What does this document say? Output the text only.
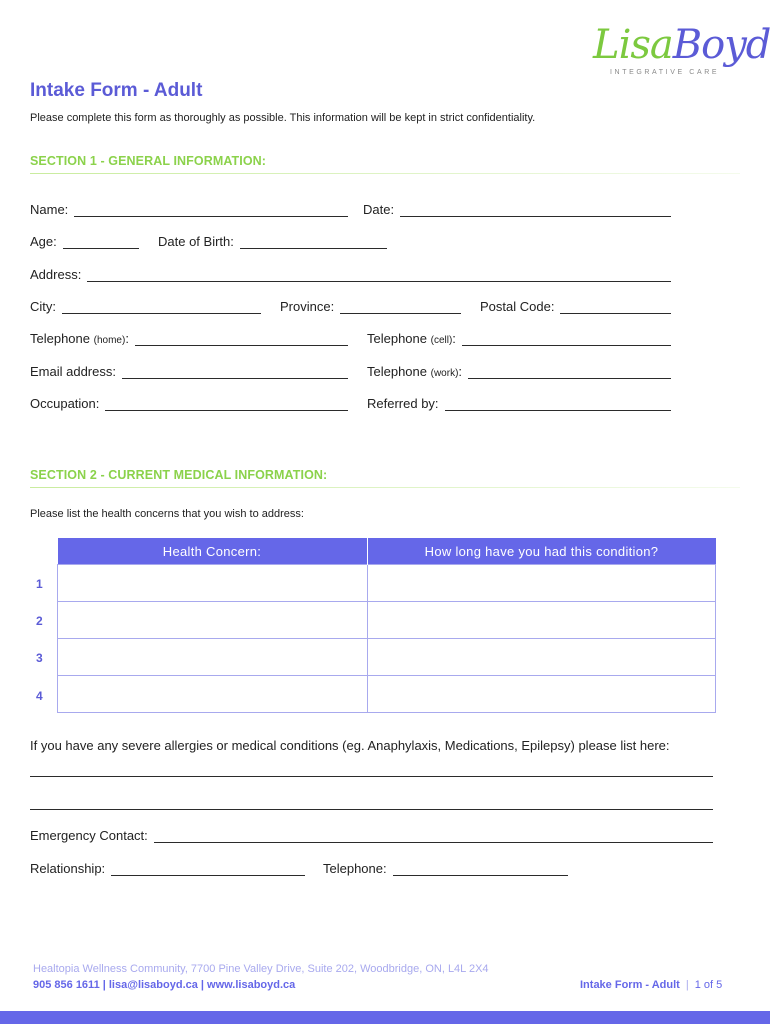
LisaBoyd
INTEGRATIVE CARE
Intake Form - Adult
Please complete this form as thoroughly as possible. This information will be kept in strict confidentiality.
SECTION 1 - GENERAL INFORMATION:
Name:	Date:
Age:	Date of Birth:
Address:
City:	Province:	Postal Code:
Telephone (home):	Telephone (cell):
Email address:	Telephone (work):
Occupation:	Referred by:
SECTION 2 - CURRENT MEDICAL INFORMATION:
Please list the health concerns that you wish to address:
Health Concern:	How long have you had this condition?

1
2
3
4
If you have any severe allergies or medical conditions (eg. Anaphylaxis, Medications, Epilepsy) please list here:
Emergency Contact:
Relationship:	Telephone:
Healtopia Wellness Community, 7700 Pine Valley Drive, Suite 202, Woodbridge, ON, L4L 2X4
905 856 1611 | lisa@lisaboyd.ca | www.lisaboyd.ca	Intake Form - Adult | 1 of 5
